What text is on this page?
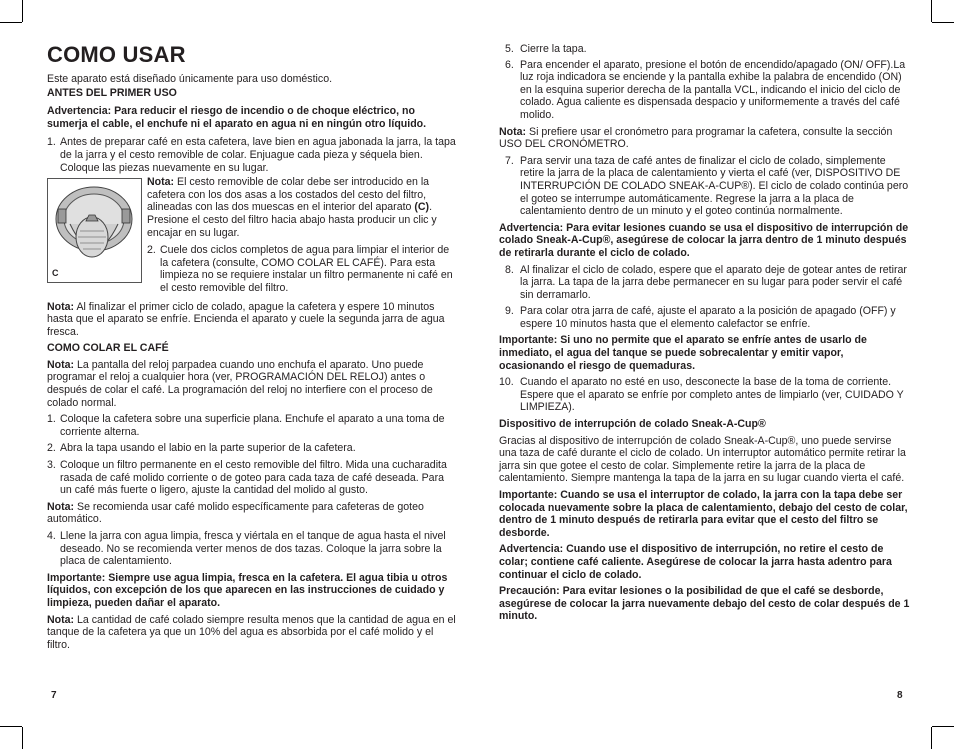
COMO USAR

Este aparato está diseñado únicamente para uso doméstico.

ANTES DEL PRIMER USO

Advertencia: Para reducir el riesgo de incendio o de choque eléctrico, no sumerja el cable, el enchufe ni el aparato en agua ni en ningún otro líquido.

1. Antes de preparar café en esta cafetera, lave bien en agua jabonada la jarra, la tapa de la jarra y el cesto removible de colar. Enjuague cada pieza y séquela bien. Coloque las piezas nuevamente en su lugar.

Nota: El cesto removible de colar debe ser introducido en la cafetera con los dos asas a los costados del cesto del filtro, alineadas con las dos muescas en el interior del aparato (C). Presione el cesto del filtro hacia abajo hasta producir un clic y encajar en su lugar.

2. Cuele dos ciclos completos de agua para limpiar el interior de la cafetera (consulte, COMO COLAR EL CAFÉ). Para esta limpieza no se requiere instalar un filtro permanente ni café en el cesto removible del filtro.

Nota: Al finalizar el primer ciclo de colado, apague la cafetera y espere 10 minutos hasta que el aparato se enfríe. Encienda el aparato y cuele la segunda jarra de agua fresca.

COMO COLAR EL CAFÉ

Nota: La pantalla del reloj parpadea cuando uno enchufa el aparato. Uno puede programar el reloj a cualquier hora (ver, PROGRAMACIÓN DEL RELOJ) antes o después de colar el café. La programación del reloj no interfiere con el proceso de colado normal.

1. Coloque la cafetera sobre una superficie plana. Enchufe el aparato a una toma de corriente alterna.
2. Abra la tapa usando el labio en la parte superior de la cafetera.
3. Coloque un filtro permanente en el cesto removible del filtro. Mida una cucharadita rasada de café molido corriente o de goteo para cada taza de café deseada. Para un café más fuerte o ligero, ajuste la cantidad del molido al gusto.

Nota: Se recomienda usar café molido específicamente para cafeteras de goteo automático.

4. Llene la jarra con agua limpia, fresca y viértala en el tanque de agua hasta el nivel deseado. No se recomienda verter menos de dos tazas. Coloque la jarra sobre la placa de calentamiento.

Importante: Siempre use agua limpia, fresca en la cafetera. El agua tibia u otros líquidos, con excepción de los que aparecen en las instrucciones de cuidado y limpieza, pueden dañar el aparato.

Nota: La cantidad de café colado siempre resulta menos que la cantidad de agua en el tanque de la cafetera ya que un 10% del agua es absorbida por el café molido y el filtro.

C
7
5. Cierre la tapa.
6. Para encender el aparato, presione el botón de encendido/apagado (ON/ OFF).La luz roja indicadora se enciende y la pantalla exhibe la palabra de encendido (ON) en la esquina superior derecha de la pantalla VCL, indicando el inicio del ciclo de colado. Agua caliente es dispensada despacio y uniformemente a través del café molido.

Nota: Si prefiere usar el cronómetro para programar la cafetera, consulte la sección USO DEL CRONÓMETRO.

7. Para servir una taza de café antes de finalizar el ciclo de colado, simplemente retire la jarra de la placa de calentamiento y vierta el café (ver, DISPOSITIVO DE INTERRUPCIÓN DE COLADO SNEAK-A-CUP®). El ciclo de colado continúa pero el goteo se interrumpe automáticamente. Regrese la jarra a la placa de calentamiento dentro de un minuto y el goteo continúa normalmente.

Advertencia: Para evitar lesiones cuando se usa el dispositivo de interrupción de colado Sneak-A-Cup®, asegúrese de colocar la jarra dentro de 1 minuto después de retirarla durante el ciclo de colado.

8. Al finalizar el ciclo de colado, espere que el aparato deje de gotear antes de retirar la jarra. La tapa de la jarra debe permanecer en su lugar para poder servir el café sin derramarlo.
9. Para colar otra jarra de café, ajuste el aparato a la posición de apagado (OFF) y espere 10 minutos hasta que el elemento calefactor se enfríe.

Importante: Si uno no permite que el aparato se enfríe antes de usarlo de inmediato, el agua del tanque se puede sobrecalentar y emitir vapor, ocasionando el riesgo de quemaduras.

10. Cuando el aparato no esté en uso, desconecte la base de la toma de corriente. Espere que el aparato se enfríe por completo antes de limpiarlo (ver, CUIDADO Y LIMPIEZA).

Dispositivo de interrupción de colado Sneak-A-Cup®

Gracias al dispositivo de interrupción de colado Sneak-A-Cup®, uno puede servirse una taza de café durante el ciclo de colado. Un interruptor automático permite retirar la jarra sin que gotee el cesto de colar. Simplemente retire la jarra de la placa de calentamiento. Siempre mantenga la tapa de la jarra en su lugar cuando vierta el café.

Importante: Cuando se usa el interruptor de colado, la jarra con la tapa debe ser colocada nuevamente sobre la placa de calentamiento, debajo del cesto de colar, dentro de 1 minuto después de retirarla para evitar que el cesto del filtro se desborde.

Advertencia: Cuando use el dispositivo de interrupción, no retire el cesto de colar; contiene café caliente. Asegúrese de colocar la jarra hasta adentro para continuar el ciclo de colado.

Precaución: Para evitar lesiones o la posibilidad de que el café se desborde, asegúrese de colocar la jarra nuevamente debajo del cesto de colar después de 1 minuto.

8
